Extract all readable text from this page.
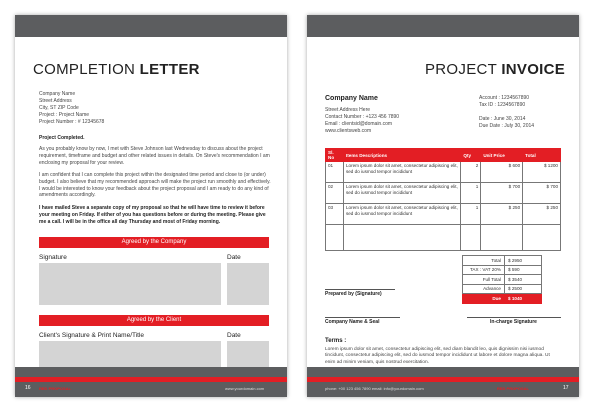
COMPLETION LETTER
Company Name
Street Address
City, ST ZIP Code
Project : Project Name
Project Number : # 12345678
Project Completed.
As you probably know by now, I met with Steve Johnson last Wednesday to discuss about the project requirement, timeframe and budget and other related issues in details. On Steve's recommendation I am enclosing my proposal for your review.
I am confident that I can complete this project within the designated time period and close to (or under) budget. I also believe that my recommended approach will make the project run smoothly and effectively. I would be interested to know your feedback about the project proposal and I am ready to do any kind of amendments accordingly.
I have mailed Steve a separate copy of my proposal so that he will have time to review it before your meeting on Friday. If either of you has questions before or during the meeting. Please give me a call. I will be in the office all day Thursday and most of Friday morning.
Agreed by the Company
Signature	Date
Agreed by the Client
Client's Signature & Print Name/Title	Date
16 RED PROPOSAL	www.yourdomain.com
PROJECT INVOICE
Company Name
Street Address Here
Contact Number : +123 456 7890
Email : clientsid@domain.com
www.clientsweb.com
Account : 1234567890
Tax ID : 1234567890
Date : June 30, 2014
Due Date : July 30, 2014
Sl. No	Items Descriptions	Qty	Unit Price	Total
01	Lorem ipsum dolor sit amet, consectetur adipiscing elit, sed do iusmod tempor incididunt	2	$ 600	$ 1200
02	Lorem ipsum dolor sit amet, consectetur adipiscing elit, sed do iusmod tempor incididunt	1	$ 700	$ 700
03	Lorem ipsum dolor sit amet, consectetur adipiscing elit, sed do iusmod tempor incididunt	1	$ 250	$ 250

Total	$ 2950
TAX : VAT 20%	$ 590
Full Total	$ 3540
Advance	$ 2500
Due	$ 1040
Prepared by (Signature)
Company Name & Seal	In-charge Signature
Terms :
Lorem ipsum dolor sit amet, consectetur adipiscing elit, sed diam blandit leo, quis dignissim nisi iusmod tincidunt, consectetur adipiscing elit, sed do iusmod tempor incididunt ut labore et dolore magna aliqua. Ut enim ad minim veniam, quis nostrud exercitation.
phone: +00 123 456 7890 email: info@yourdomain.com	RED PROPOSAL	17
